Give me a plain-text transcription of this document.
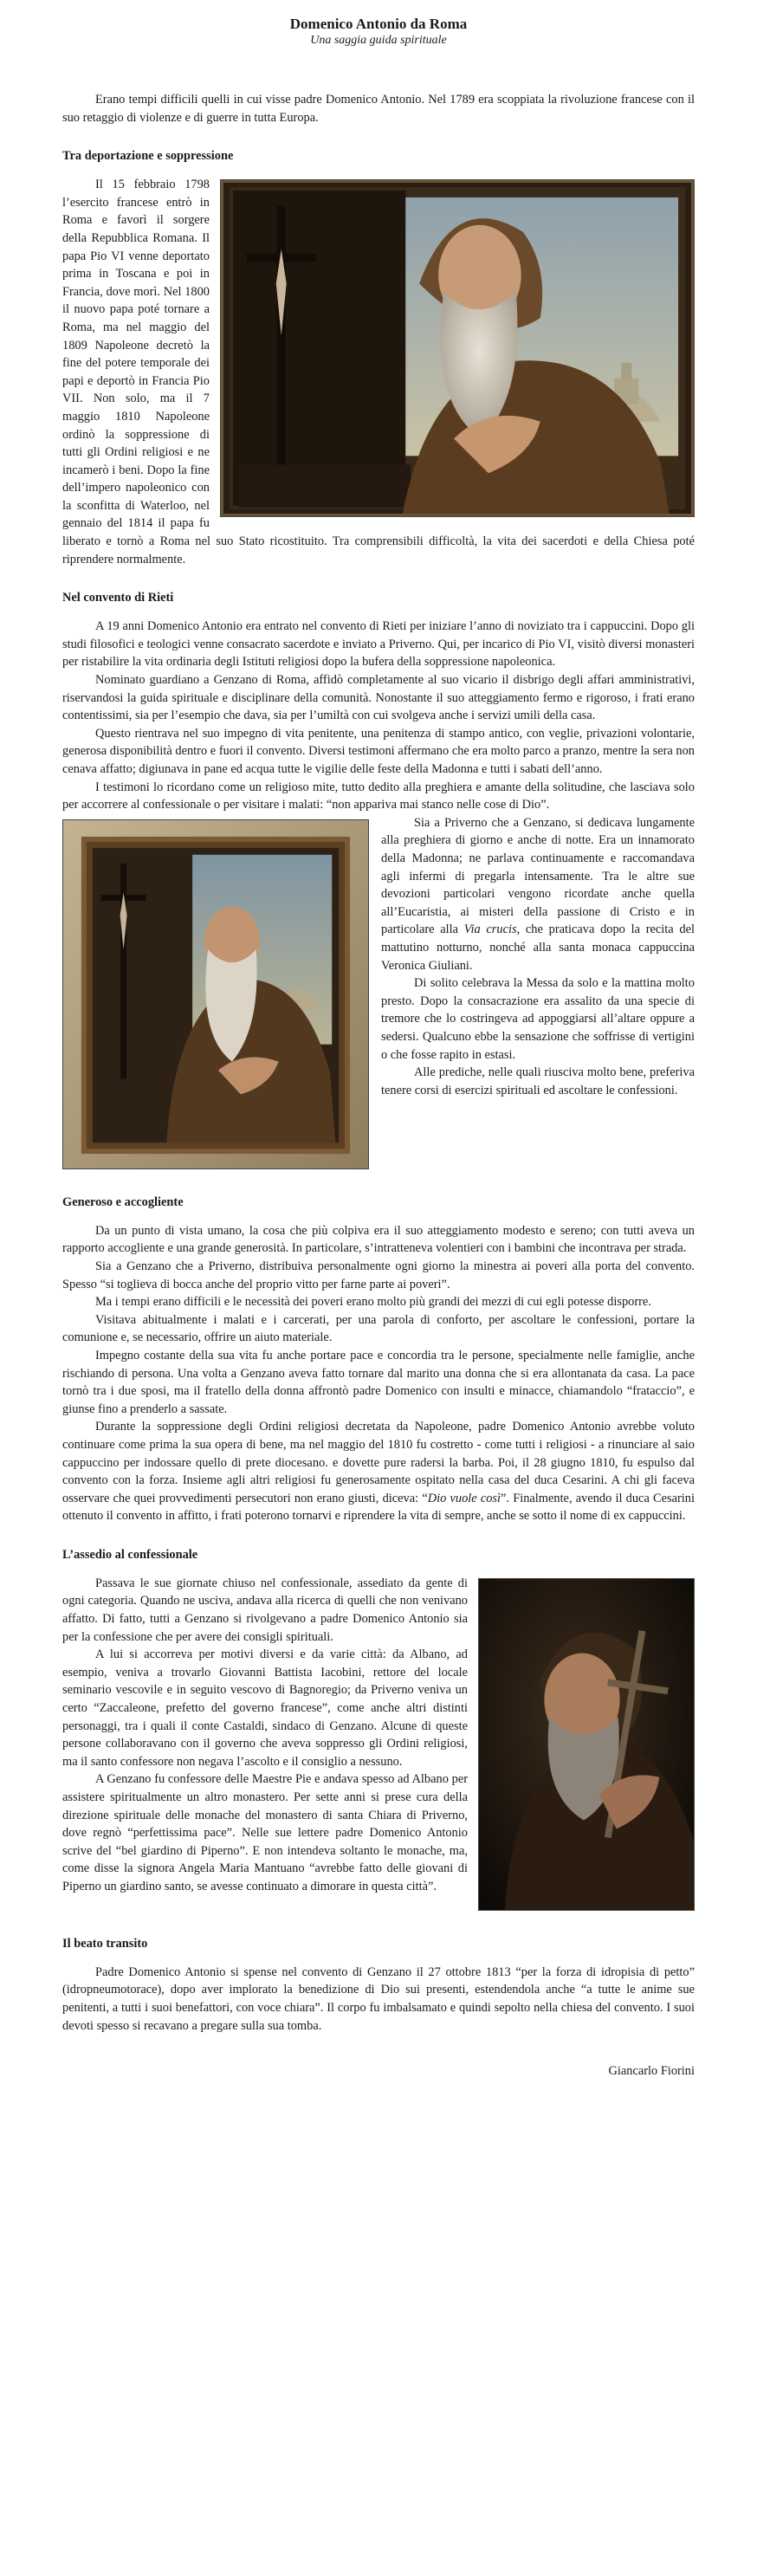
Domenico Antonio da Roma
Una saggia guida spirituale

Erano tempi difficili quelli in cui visse padre Domenico Antonio. Nel 1789 era scoppiata la rivoluzione francese con il suo retaggio di violenze e di guerre in tutta Europa.

Tra deportazione e soppressione

Il 15 febbraio 1798 l’esercito francese entrò in Roma e favorì il sorgere della Repubblica Romana. Il papa Pio VI venne deportato prima in Toscana e poi in Francia, dove morì. Nel 1800 il nuovo papa poté tornare a Roma, ma nel maggio del 1809 Napoleone decretò la fine del potere temporale dei papi e deportò in Francia Pio VII. Non solo, ma il 7 maggio 1810 Napoleone ordinò la soppressione di tutti gli Ordini religiosi e ne incamerò i beni. Dopo la fine dell’impero napoleonico con la sconfitta di Waterloo, nel gennaio del 1814 il papa fu liberato e tornò a Roma nel suo Stato ricostituito. Tra comprensibili difficoltà, la vita dei sacerdoti e della Chiesa poté riprendere normalmente.

Nel convento di Rieti

A 19 anni Domenico Antonio era entrato nel convento di Rieti per iniziare l’anno di noviziato tra i cappuccini. Dopo gli studi filosofici e teologici venne consacrato sacerdote e inviato a Priverno. Qui, per incarico di Pio VI, visitò diversi monasteri per ristabilire la vita ordinaria degli Istituti religiosi dopo la bufera della soppressione napoleonica.

Nominato guardiano a Genzano di Roma, affidò completamente al suo vicario il disbrigo degli affari amministrativi, riservandosi la guida spirituale e disciplinare della comunità. Nonostante il suo atteggiamento fermo e rigoroso, i frati erano contentissimi, sia per l’esempio che dava, sia per l’umiltà con cui svolgeva anche i servizi umili della casa.

Questo rientrava nel suo impegno di vita penitente, una penitenza di stampo antico, con veglie, privazioni volontarie, generosa disponibilità dentro e fuori il convento. Diversi testimoni affermano che era molto parco a pranzo, mentre la sera non cenava affatto; digiunava in pane ed acqua tutte le vigilie delle feste della Madonna e tutti i sabati dell’anno.

I testimoni lo ricordano come un religioso mite, tutto dedito alla preghiera e amante della solitudine, che lasciava solo per accorrere al confessionale o per visitare i malati: “non appariva mai stanco nelle cose di Dio”.

Sia a Priverno che a Genzano, si dedicava lungamente alla preghiera di giorno e anche di notte. Era un innamorato della Madonna; ne parlava continuamente e raccomandava agli infermi di pregarla intensamente. Tra le altre sue devozioni particolari vengono ricordate anche quella all’Eucaristia, ai misteri della passione di Cristo e in particolare alla Via crucis, che praticava dopo la recita del mattutino notturno, nonché alla santa monaca cappuccina Veronica Giuliani.

Di solito celebrava la Messa da solo e la mattina molto presto. Dopo la consacrazione era assalito da una specie di tremore che lo costringeva ad appoggiarsi all’altare oppure a sedersi. Qualcuno ebbe la sensazione che soffrisse di vertigini o che fosse rapito in estasi.

Alle prediche, nelle quali riusciva molto bene, preferiva tenere corsi di esercizi spirituali ed ascoltare le confessioni.

Generoso e accogliente

Da un punto di vista umano, la cosa che più colpiva era il suo atteggiamento modesto e sereno; con tutti aveva un rapporto accogliente e una grande generosità. In particolare, s’intratteneva volentieri con i bambini che incontrava per strada.

Sia a Genzano che a Priverno, distribuiva personalmente ogni giorno la minestra ai poveri alla porta del convento. Spesso “si toglieva di bocca anche del proprio vitto per farne parte ai poveri”.

Ma i tempi erano difficili e le necessità dei poveri erano molto più grandi dei mezzi di cui egli potesse disporre.

Visitava abitualmente i malati e i carcerati, per una parola di conforto, per ascoltare le confessioni, portare la comunione e, se necessario, offrire un aiuto materiale.

Impegno costante della sua vita fu anche portare pace e concordia tra le persone, specialmente nelle famiglie, anche rischiando di persona. Una volta a Genzano aveva fatto tornare dal marito una donna che si era allontanata da casa. La pace tornò tra i due sposi, ma il fratello della donna affrontò padre Domenico con insulti e minacce, chiamandolo “frataccio”, e giunse fino a prenderlo a sassate.

Durante la soppressione degli Ordini religiosi decretata da Napoleone, padre Domenico Antonio avrebbe voluto continuare come prima la sua opera di bene, ma nel maggio del 1810 fu costretto - come tutti i religiosi - a rinunciare al saio cappuccino per indossare quello di prete diocesano. e dovette pure radersi la barba. Poi, il 28 giugno 1810, fu espulso dal convento con la forza. Insieme agli altri religiosi fu generosamente ospitato nella casa del duca Cesarini. A chi gli faceva osservare che quei provvedimenti persecutori non erano giusti, diceva: “Dio vuole così”. Finalmente, avendo il duca Cesarini ottenuto il convento in affitto, i frati poterono tornarvi e riprendere la vita di sempre, anche se sotto il nome di ex cappuccini.

L’assedio al confessionale

Passava le sue giornate chiuso nel confessionale, assediato da gente di ogni categoria. Quando ne usciva, andava alla ricerca di quelli che non venivano affatto. Di fatto, tutti a Genzano si rivolgevano a padre Domenico Antonio sia per la confessione che per avere dei consigli spirituali.

A lui si accorreva per motivi diversi e da varie città: da Albano, ad esempio, veniva a trovarlo Giovanni Battista Iacobini, rettore del locale seminario vescovile e in seguito vescovo di Bagnoregio; da Priverno veniva un certo “Zaccaleone, prefetto del governo francese”, come anche altri distinti personaggi, tra i quali il conte Castaldi, sindaco di Genzano. Alcune di queste persone collaboravano con il governo che aveva soppresso gli Ordini religiosi, ma il santo confessore non negava l’ascolto e il consiglio a nessuno.

A Genzano fu confessore delle Maestre Pie e andava spesso ad Albano per assistere spiritualmente un altro monastero. Per sette anni si prese cura della direzione spirituale delle monache del monastero di santa Chiara di Priverno, dove regnò “perfettissima pace”. Nelle sue lettere padre Domenico Antonio scrive del “bel giardino di Piperno”. E non intendeva soltanto le monache, ma, come disse la signora Angela Maria Mantuano “avrebbe fatto delle giovani di Piperno un giardino santo, se avesse continuato a dimorare in questa città”.

Il beato transito

Padre Domenico Antonio si spense nel convento di Genzano il 27 ottobre 1813 “per la forza di idropisia di petto” (idropneumotorace), dopo aver implorato la benedizione di Dio sui presenti, estendendola anche “a tutte le anime sue penitenti, a tutti i suoi benefattori, con voce chiara”. Il corpo fu imbalsamato e quindi sepolto nella chiesa del convento. I suoi devoti spesso si recavano a pregare sulla sua tomba.

Giancarlo Fiorini
